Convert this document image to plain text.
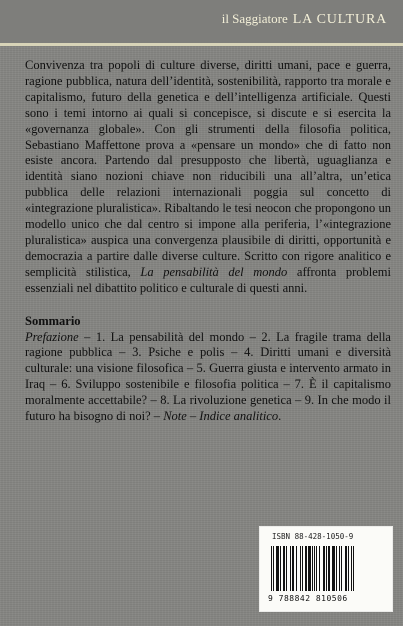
il Saggiatore LA CULTURA

Convivenza tra popoli di culture diverse, diritti umani, pace e guerra, ragione pubblica, natura dell’identità, sostenibilità, rapporto tra morale e capitalismo, futuro della genetica e dell’intelligenza artificiale. Questi sono i temi intorno ai quali si concepisce, si discute e si esercita la «governanza globale». Con gli strumenti della filosofia politica, Sebastiano Maffettone prova a «pensare un mondo» che di fatto non esiste ancora. Partendo dal presupposto che libertà, uguaglianza e identità siano nozioni chiave non riducibili una all’altra, un’etica pubblica delle relazioni internazionali poggia sul concetto di «integrazione pluralistica». Ribaltando le tesi neocon che propongono un modello unico che dal centro si impone alla periferia, l’«integrazione pluralistica» auspica una convergenza plausibile di diritti, opportunità e democrazia a partire dalle diverse culture. Scritto con rigore analitico e semplicità stilistica, La pensabilità del mondo affronta problemi essenziali nel dibattito politico e culturale di questi anni.

Sommario

Prefazione – 1. La pensabilità del mondo – 2. La fragile trama della ragione pubblica – 3. Psiche e polis – 4. Diritti umani e diversità culturale: una visione filosofica – 5. Guerra giusta e intervento armato in Iraq – 6. Sviluppo sostenibile e filosofia politica – 7. È il capitalismo moralmente accettabile? – 8. La rivoluzione genetica – 9. In che modo il futuro ha bisogno di noi? – Note – Indice analitico.

ISBN 88-428-1050-9
9 788842 810506
